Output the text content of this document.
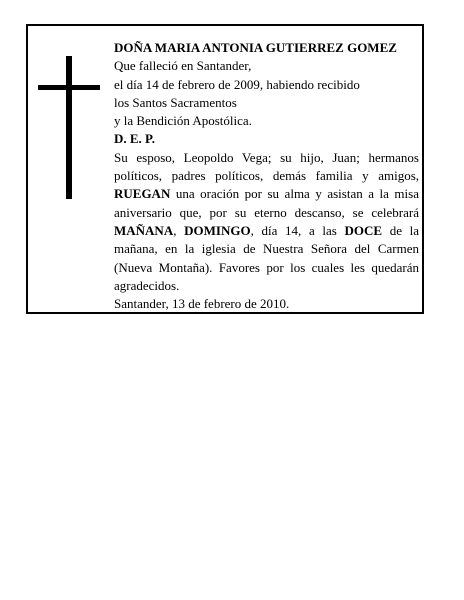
DOÑA MARIA ANTONIA GUTIERREZ GOMEZ
Que falleció en Santander,
el día 14 de febrero de 2009, habiendo recibido
los Santos Sacramentos
y la Bendición Apostólica.
D. E. P.
Su esposo, Leopoldo Vega; su hijo, Juan; hermanos políticos, padres políticos, demás familia y amigos, RUEGAN una oración por su alma y asistan a la misa aniversario que, por su eterno descanso, se celebrará MAÑANA, DOMINGO, día 14, a las DOCE de la mañana, en la iglesia de Nuestra Señora del Carmen (Nueva Montaña). Favores por los cuales les quedarán agradecidos.
Santander, 13 de febrero de 2010.
